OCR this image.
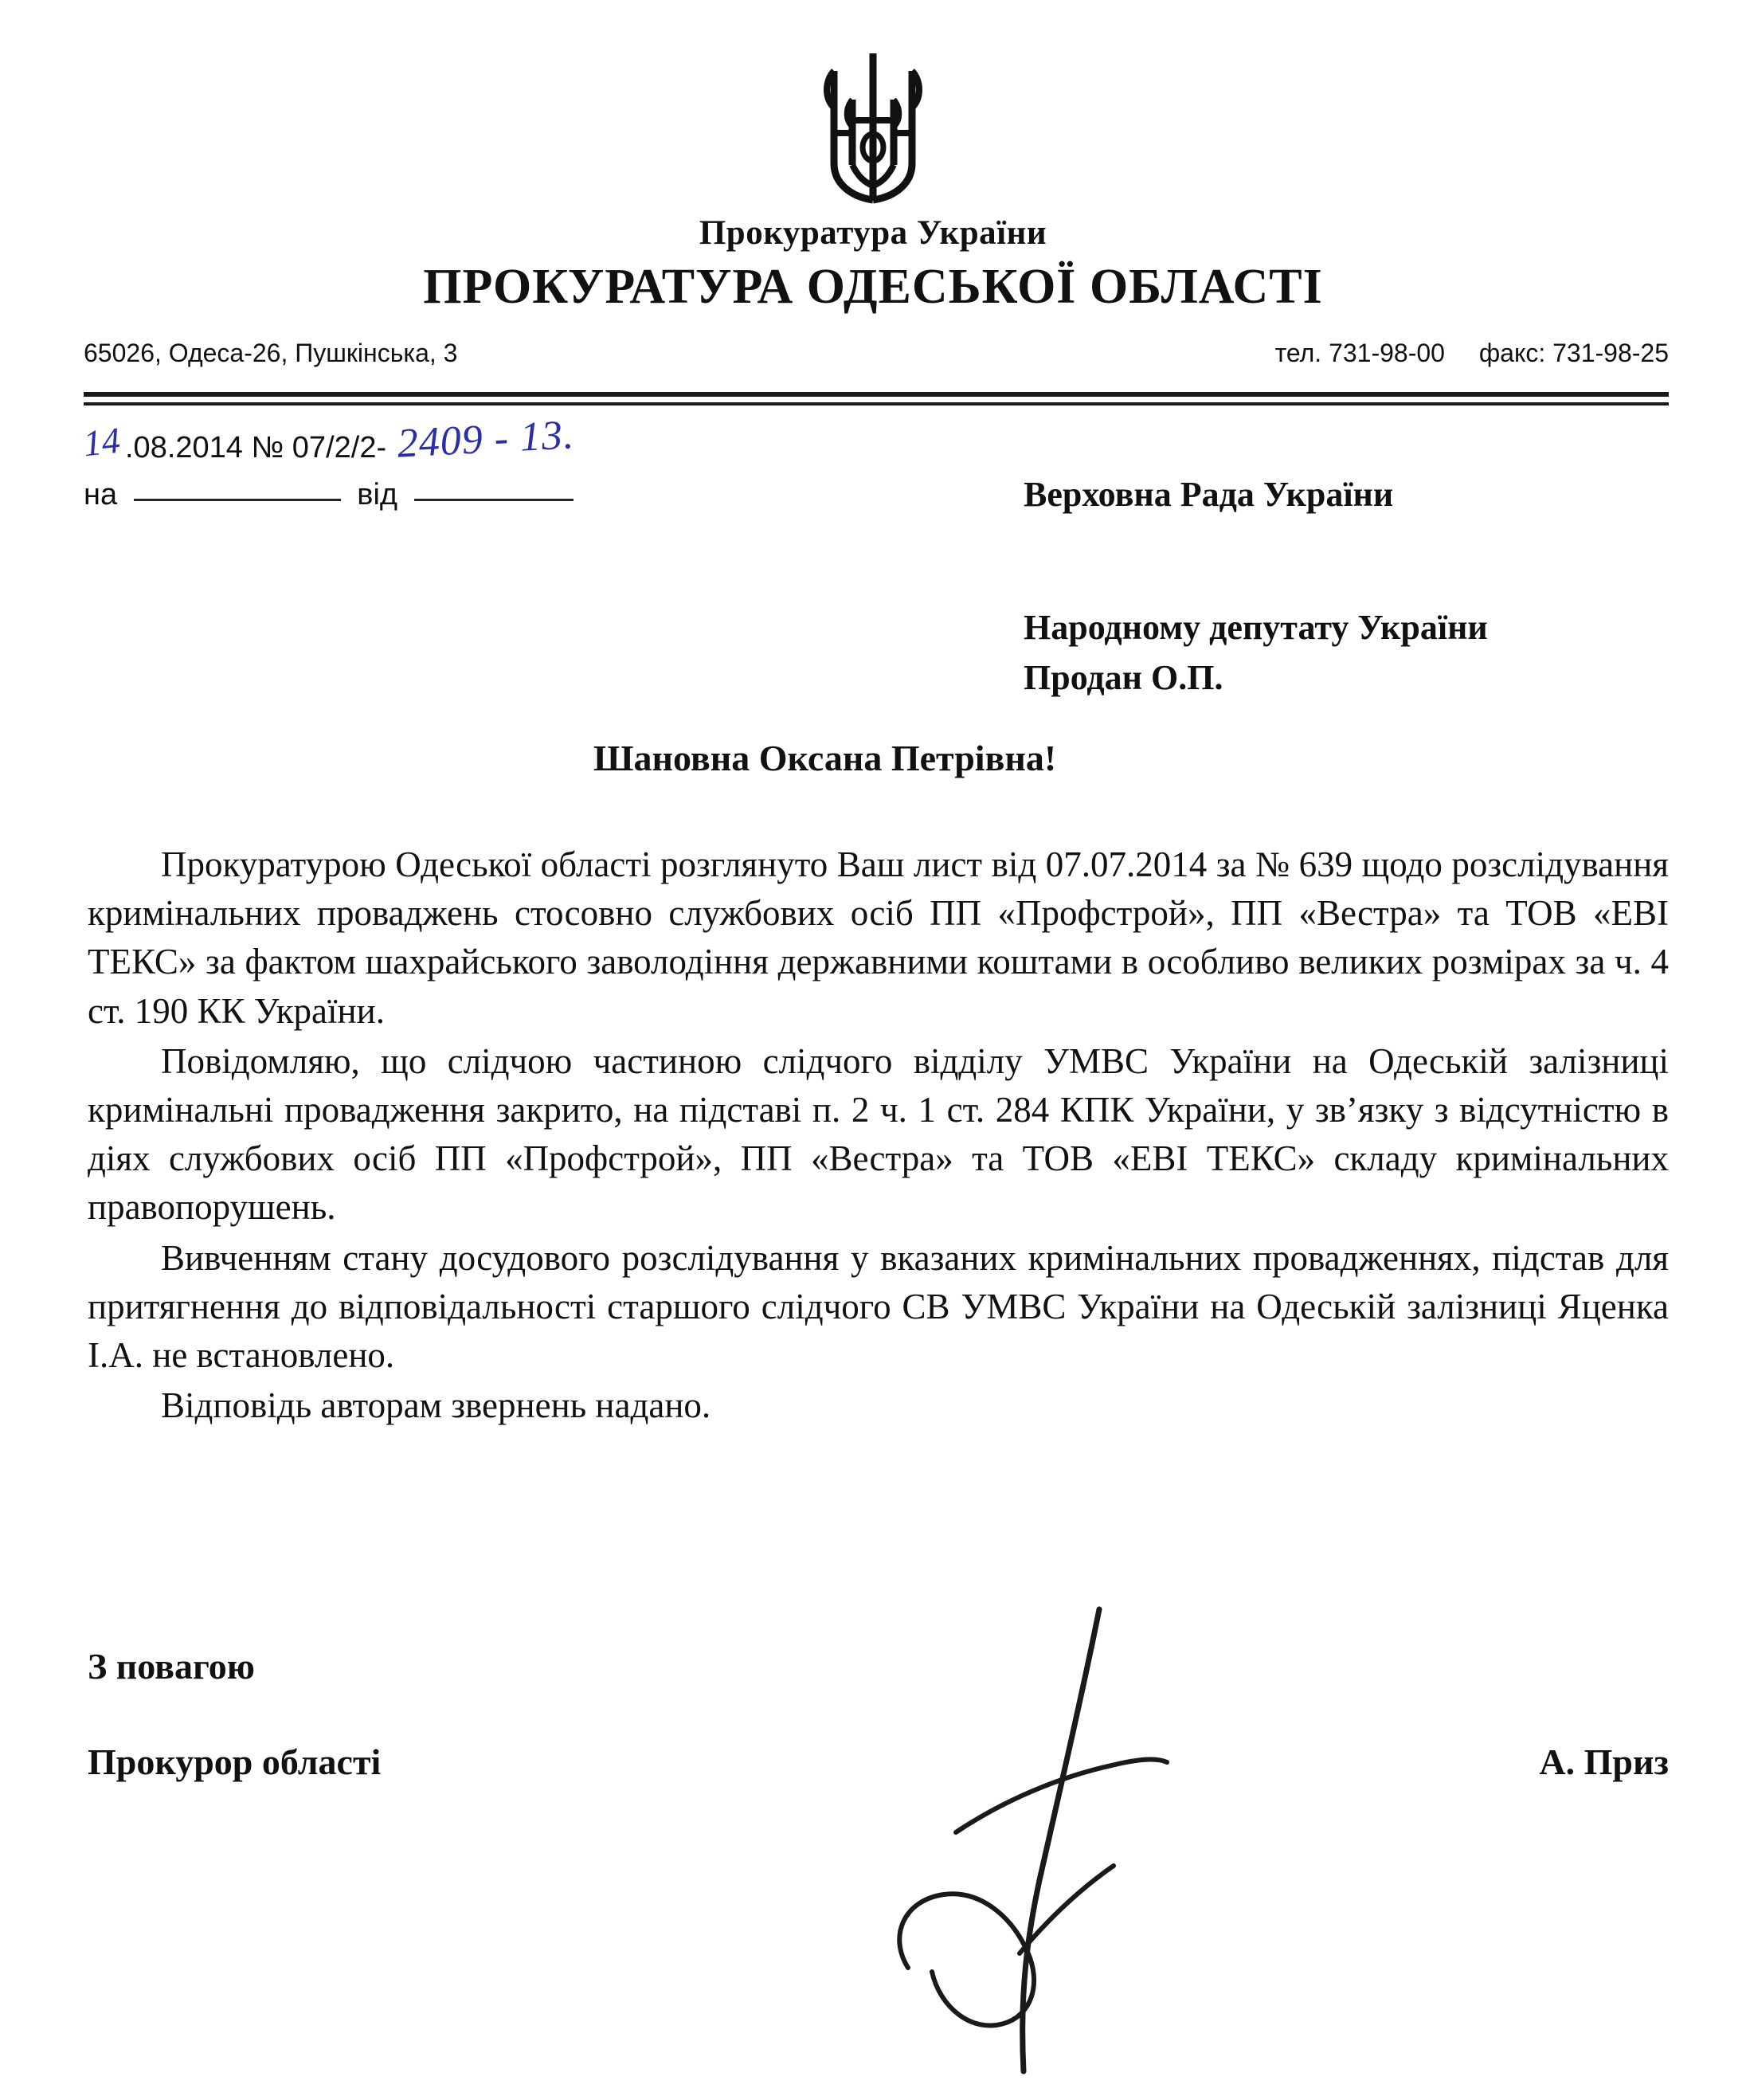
Прокуратура України
ПРОКУРАТУРА ОДЕСЬКОЇ ОБЛАСТІ
65026, Одеса-26, Пушкінська, 3	тел. 731-98-00 факс: 731-98-25
14 .08.2014 № 07/2/2- 2409 - 13.
на	від	Верховна Рада України
Народному депутату України
Продан О.П.
Шановна Оксана Петрівна!

Прокуратурою Одеської області розглянуто Ваш лист від 07.07.2014 за № 639 щодо розслідування кримінальних проваджень стосовно службових осіб ПП «Профстрой», ПП «Вестра» та ТОВ «ЕВІ ТЕКС» за фактом шахрайського заволодіння державними коштами в особливо великих розмірах за ч. 4 ст. 190 КК України.

Повідомляю, що слідчою частиною слідчого відділу УМВС України на Одеській залізниці кримінальні провадження закрито, на підставі п. 2 ч. 1 ст. 284 КПК України, у зв’язку з відсутністю в діях службових осіб ПП «Профстрой», ПП «Вестра» та ТОВ «ЕВІ ТЕКС» складу кримінальних правопорушень.

Вивченням стану досудового розслідування у вказаних кримінальних провадженнях, підстав для притягнення до відповідальності старшого слідчого СВ УМВС України на Одеській залізниці Яценка І.А. не встановлено.

Відповідь авторам звернень надано.

З повагою
Прокурор області	А. Приз
